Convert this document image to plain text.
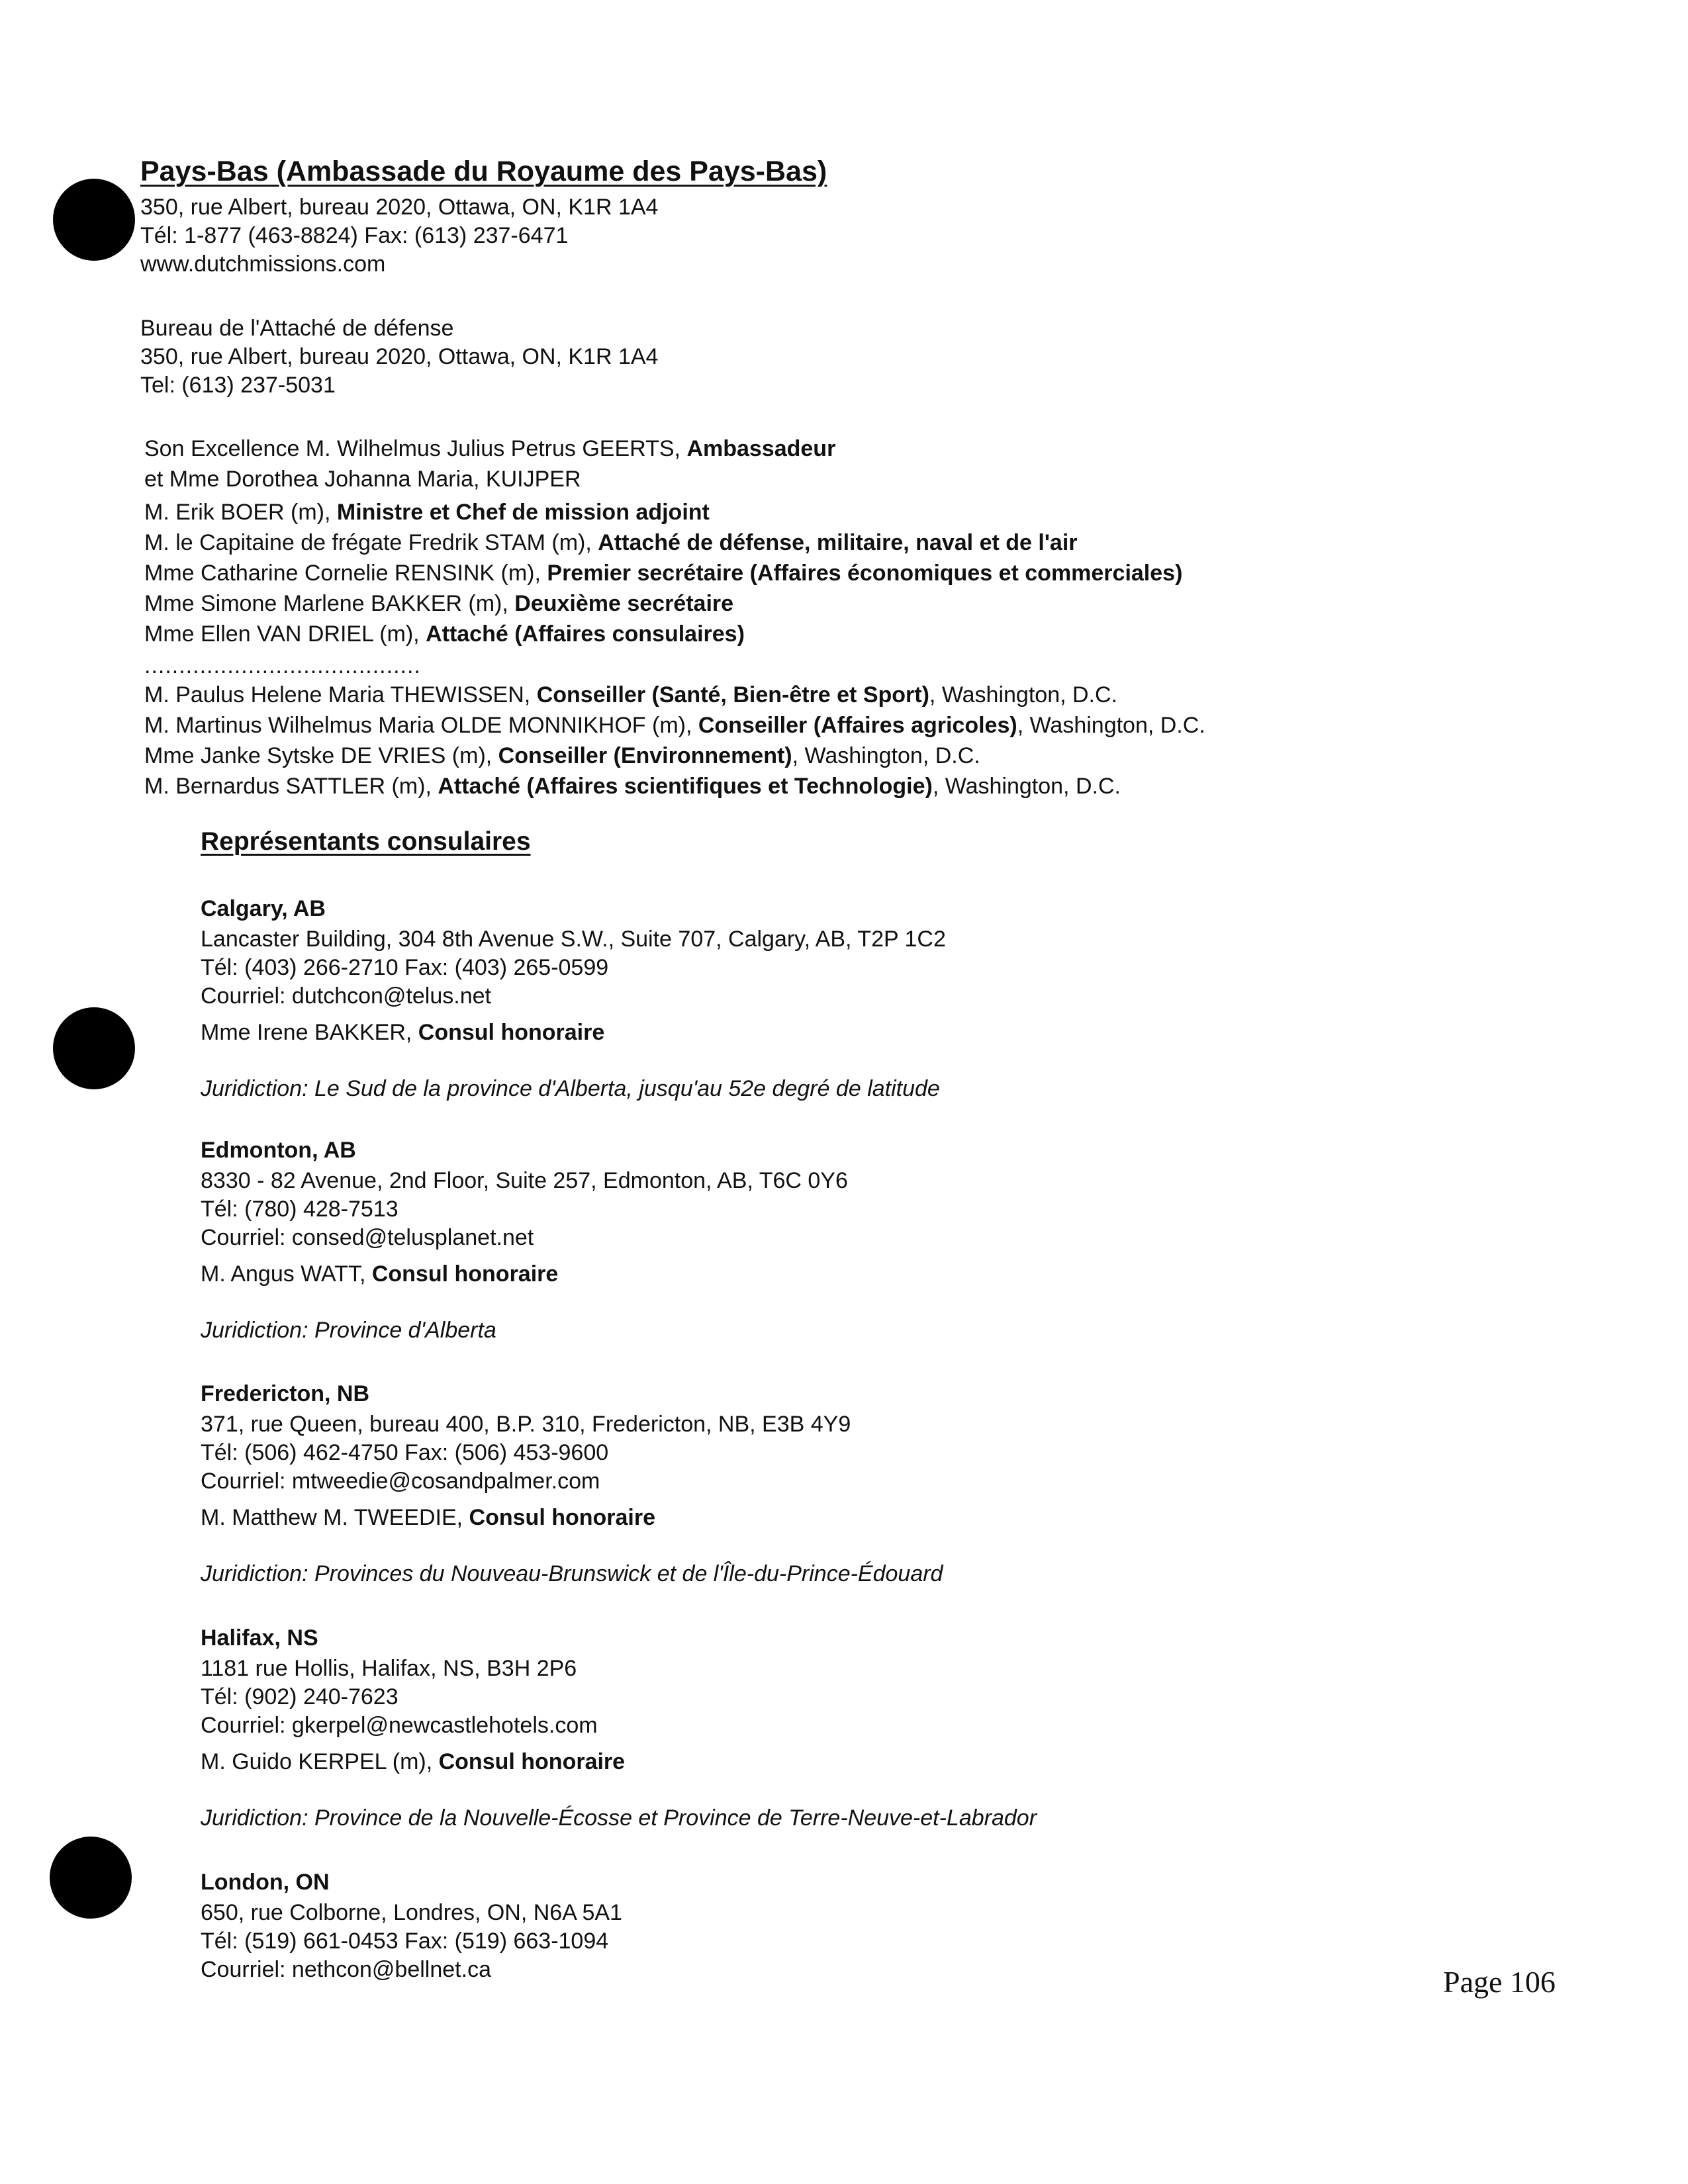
Pays-Bas (Ambassade du Royaume des Pays-Bas)
350, rue Albert, bureau 2020, Ottawa, ON, K1R 1A4
Tél: 1-877 (463-8824) Fax: (613) 237-6471
www.dutchmissions.com
Bureau de l'Attaché de défense
350, rue Albert, bureau 2020, Ottawa, ON, K1R 1A4
Tel: (613) 237-5031
Son Excellence M. Wilhelmus Julius Petrus GEERTS, Ambassadeur
et Mme Dorothea Johanna Maria, KUIJPER
M. Erik BOER (m), Ministre et Chef de mission adjoint
M. le Capitaine de frégate Fredrik STAM (m), Attaché de défense, militaire, naval et de l'air
Mme Catharine Cornelie RENSINK (m), Premier secrétaire (Affaires économiques et commerciales)
Mme Simone Marlene BAKKER (m), Deuxième secrétaire
Mme Ellen VAN DRIEL (m), Attaché (Affaires consulaires)
........................................
M. Paulus Helene Maria THEWISSEN, Conseiller (Santé, Bien-être et Sport), Washington, D.C.
M. Martinus Wilhelmus Maria OLDE MONNIKHOF (m), Conseiller (Affaires agricoles), Washington, D.C.
Mme Janke Sytske DE VRIES (m), Conseiller (Environnement), Washington, D.C.
M. Bernardus SATTLER (m), Attaché (Affaires scientifiques et Technologie), Washington, D.C.
Représentants consulaires
Calgary, AB
Lancaster Building, 304 8th Avenue S.W., Suite 707, Calgary, AB, T2P 1C2
Tél: (403) 266-2710 Fax: (403) 265-0599
Courriel: dutchcon@telus.net
Mme Irene BAKKER, Consul honoraire
Juridiction: Le Sud de la province d'Alberta, jusqu'au 52e degré de latitude
Edmonton, AB
8330 - 82 Avenue, 2nd Floor, Suite 257, Edmonton, AB, T6C 0Y6
Tél: (780) 428-7513
Courriel: consed@telusplanet.net
M. Angus WATT, Consul honoraire
Juridiction: Province d'Alberta
Fredericton, NB
371, rue Queen, bureau 400, B.P. 310, Fredericton, NB, E3B 4Y9
Tél: (506) 462-4750 Fax: (506) 453-9600
Courriel: mtweedie@cosandpalmer.com
M. Matthew M. TWEEDIE, Consul honoraire
Juridiction: Provinces du Nouveau-Brunswick et de l'Île-du-Prince-Édouard
Halifax, NS
1181 rue Hollis, Halifax, NS, B3H 2P6
Tél: (902) 240-7623
Courriel: gkerpel@newcastlehotels.com
M. Guido KERPEL (m), Consul honoraire
Juridiction: Province de la Nouvelle-Écosse et Province de Terre-Neuve-et-Labrador
London, ON
650, rue Colborne, Londres, ON, N6A 5A1
Tél: (519) 661-0453 Fax: (519) 663-1094
Courriel: nethcon@bellnet.ca	Page 106
